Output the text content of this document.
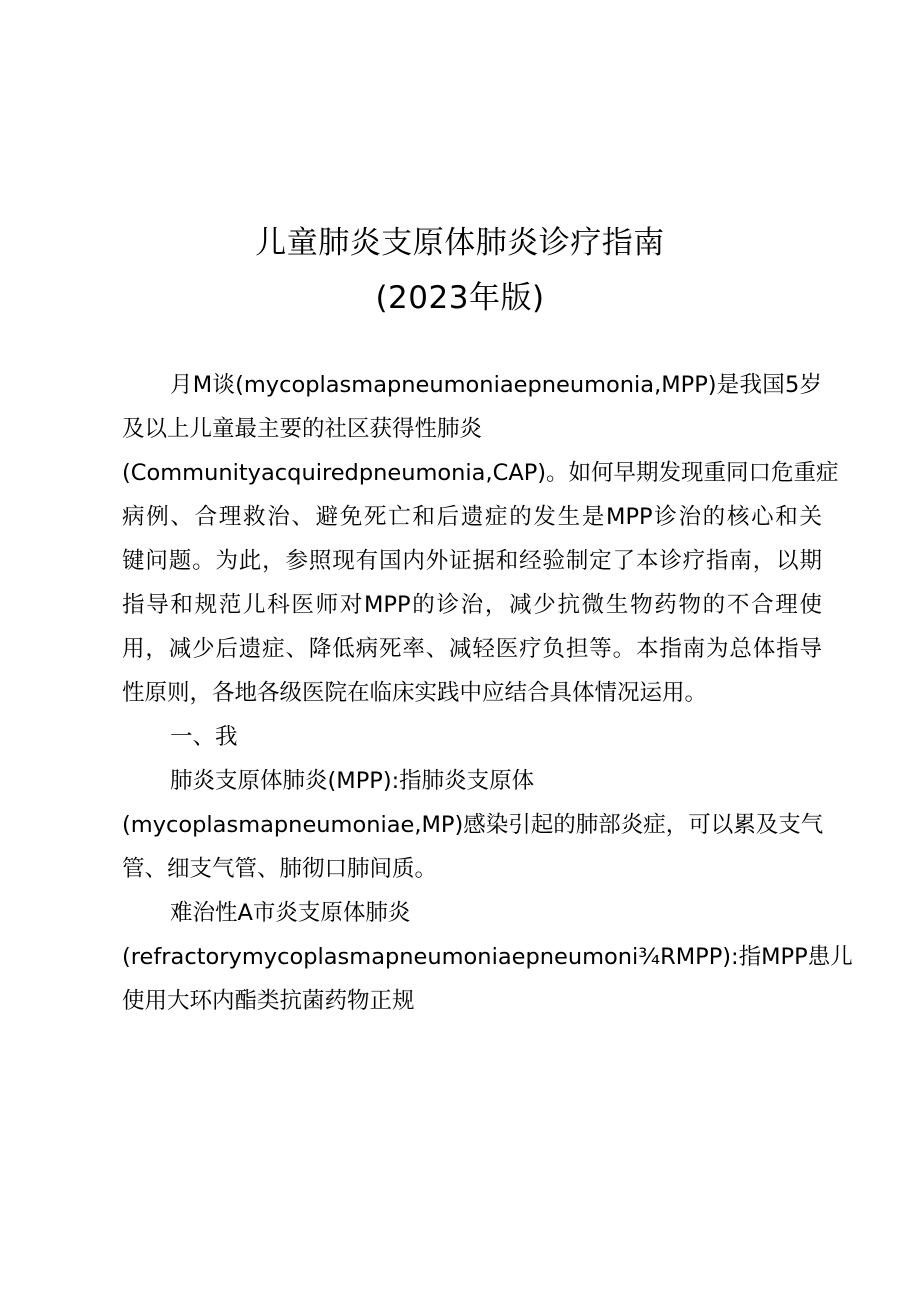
儿童肺炎支原体肺炎诊疗指南
(2023年版)
月M谈(mycoplasmapneumoniaepneumonia,MPP)是我国5岁
及以上儿童最主要的社区获得性肺炎
(Communityacquiredpneumonia,CAP)。如何早期发现重同口危重症
病例、合理救治、避免死亡和后遗症的发生是MPP诊治的核心和关
键问题。为此，参照现有国内外证据和经验制定了本诊疗指南，以期
指导和规范儿科医师对MPP的诊治，减少抗微生物药物的不合理使
用，减少后遗症、降低病死率、减轻医疗负担等。本指南为总体指导
性原则，各地各级医院在临床实践中应结合具体情况运用。
一、我
肺炎支原体肺炎(MPP):指肺炎支原体
(mycoplasmapneumoniae,MP)感染引起的肺部炎症，可以累及支气
管、细支气管、肺彻口肺间质。
难治性A市炎支原体肺炎
(refractorymycoplasmapneumoniaepneumoni¾RMPP):指MPP患儿
使用大环内酯类抗菌药物正规
